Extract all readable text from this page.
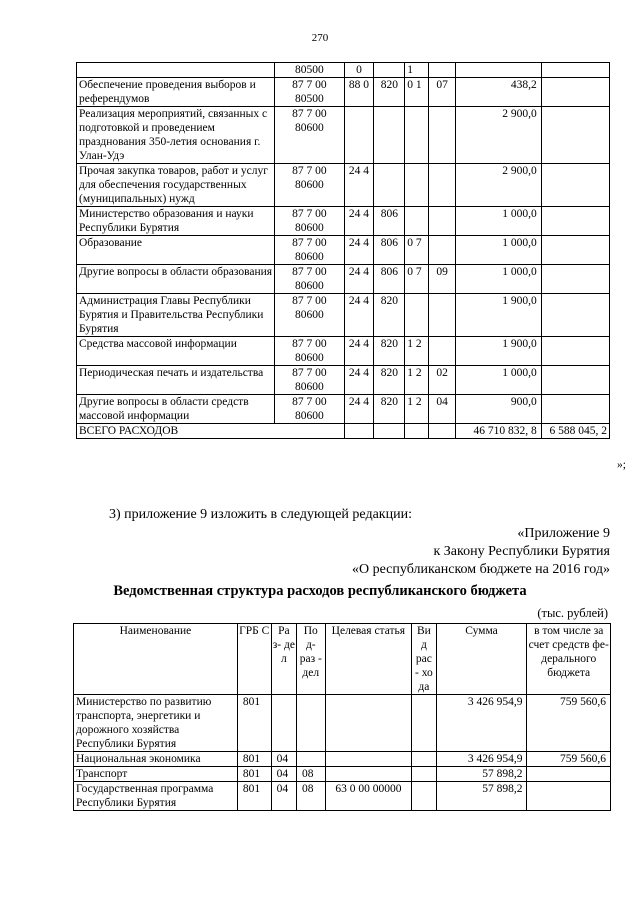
270
	80500	0		1			
Обеспечение проведения выборов и референдумов	87 7 00 80500	88 0	820	0 1	07	438,2	
Реализация мероприятий, связанных с подготовкой и проведением празднования 350-летия основания г. Улан-Удэ	87 7 00 80600					2 900,0	
Прочая закупка товаров, работ и услуг для обеспечения государственных (муниципальных) нужд	87 7 00 80600	24 4				2 900,0	
Министерство образования и науки Республики Бурятия	87 7 00 80600	24 4	806			1 000,0	
Образование	87 7 00 80600	24 4	806	0 7		1 000,0	
Другие вопросы в области образования	87 7 00 80600	24 4	806	0 7	09	1 000,0	
Администрация Главы Республики Бурятия и Правительства Республики Бурятия	87 7 00 80600	24 4	820			1 900,0	
Средства массовой информации	87 7 00 80600	24 4	820	1 2		1 900,0	
Периодическая печать и издательства	87 7 00 80600	24 4	820	1 2	02	1 000,0	
Другие вопросы в области средств массовой информации	87 7 00 80600	24 4	820	1 2	04	900,0	
ВСЕГО РАСХОДОВ						46 710 832, 8	6 588 045, 2
»;
3) приложение 9 изложить в следующей редакции:
«Приложение 9
к Закону Республики Бурятия
«О республиканском бюджете на 2016 год»
Ведомственная структура расходов республиканского бюджета
(тыс. рублей)
Наименование	ГРБ С	Ра з- де л	По д- раз - дел	Целевая статья	Ви д рас - хо да	Сумма	в том числе за счет средств фе- дерального бюджета
Министерство по развитию транспорта, энергетики и дорожного хозяйства Республики Бурятия	801					3 426 954,9	759 560,6
Национальная экономика	801	04				3 426 954,9	759 560,6
Транспорт	801	04	08			57 898,2	
Государственная программа Республики Бурятия	801	04	08	63 0 00 00000		57 898,2	
